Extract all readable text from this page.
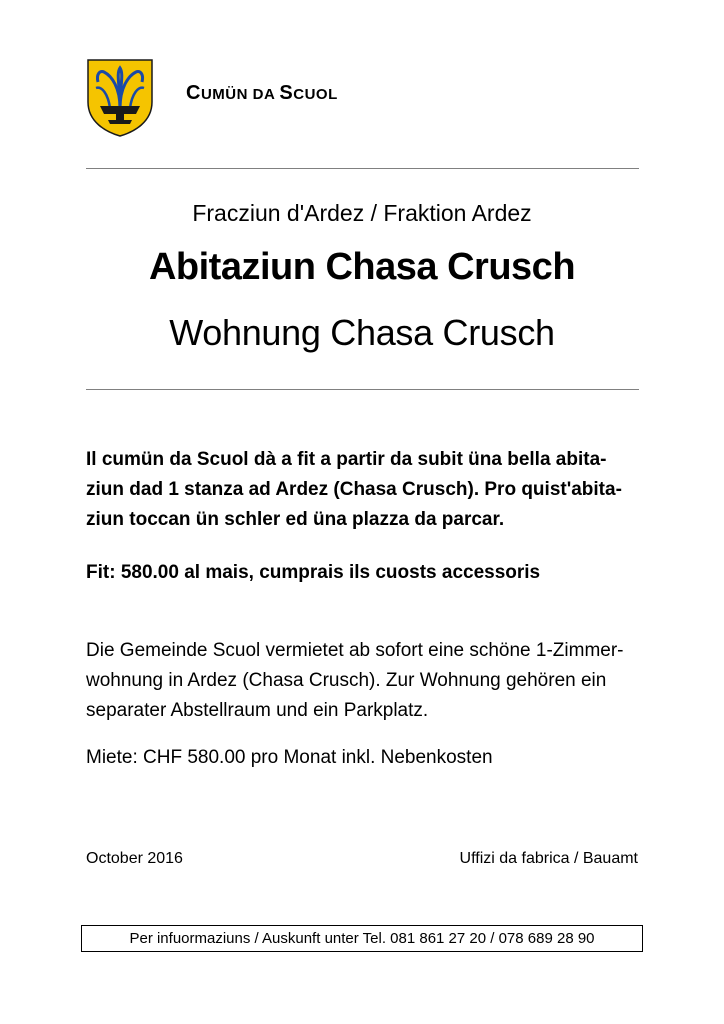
CUMÜN DA SCUOL
Fracziun d'Ardez / Fraktion Ardez
Abitaziun Chasa Crusch
Wohnung Chasa Crusch
Il cumün da Scuol dà a fit a partir da subit üna bella abita-
ziun dad 1 stanza ad Ardez (Chasa Crusch). Pro quist'abita-
ziun toccan ün schler ed üna plazza da parcar.
Fit: 580.00 al mais, cumprais ils cuosts accessoris
Die Gemeinde Scuol vermietet ab sofort eine schöne 1-Zimmer-
wohnung in Ardez (Chasa Crusch). Zur Wohnung gehören ein
separater Abstellraum und ein Parkplatz.
Miete: CHF 580.00 pro Monat inkl. Nebenkosten
October 2016	Uffizi da fabrica / Bauamt
Per infuormaziuns / Auskunft unter Tel. 081 861 27 20 / 078 689 28 90
